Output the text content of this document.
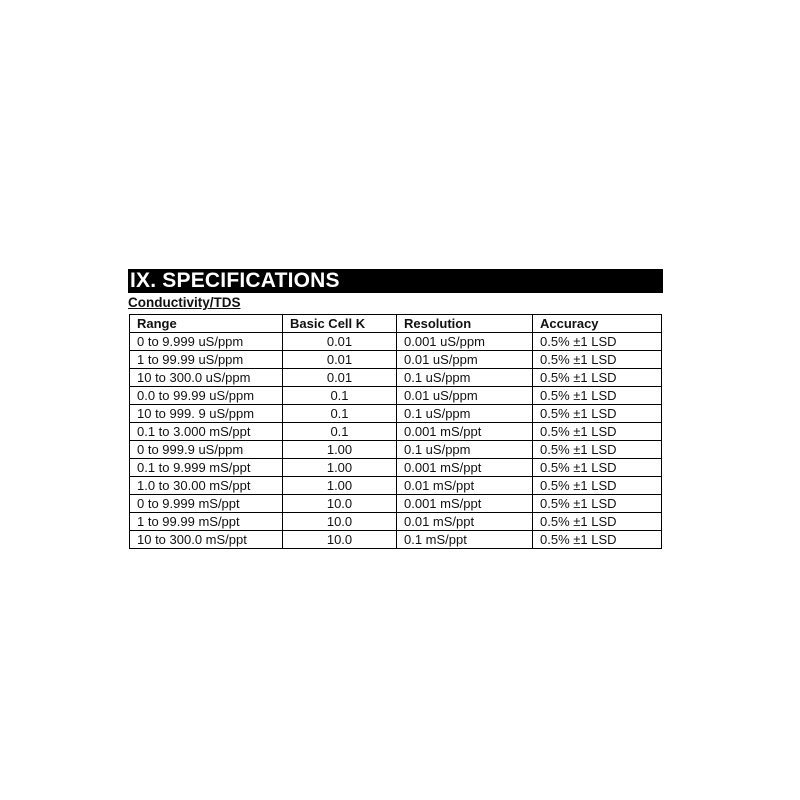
IX. SPECIFICATIONS
Conductivity/TDS
Range	Basic Cell K	Resolution	Accuracy
0 to 9.999 uS/ppm	0.01	0.001 uS/ppm	0.5% ±1 LSD
1 to 99.99 uS/ppm	0.01	0.01 uS/ppm	0.5% ±1 LSD
10 to 300.0 uS/ppm	0.01	0.1 uS/ppm	0.5% ±1 LSD
0.0 to 99.99 uS/ppm	0.1	0.01 uS/ppm	0.5% ±1 LSD
10 to 999. 9 uS/ppm	0.1	0.1 uS/ppm	0.5% ±1 LSD
0.1 to 3.000 mS/ppt	0.1	0.001 mS/ppt	0.5% ±1 LSD
0 to 999.9 uS/ppm	1.00	0.1 uS/ppm	0.5% ±1 LSD
0.1 to 9.999 mS/ppt	1.00	0.001 mS/ppt	0.5% ±1 LSD
1.0 to 30.00 mS/ppt	1.00	0.01 mS/ppt	0.5% ±1 LSD
0 to 9.999 mS/ppt	10.0	0.001 mS/ppt	0.5% ±1 LSD
1 to 99.99 mS/ppt	10.0	0.01 mS/ppt	0.5% ±1 LSD
10 to 300.0 mS/ppt	10.0	0.1 mS/ppt	0.5% ±1 LSD
